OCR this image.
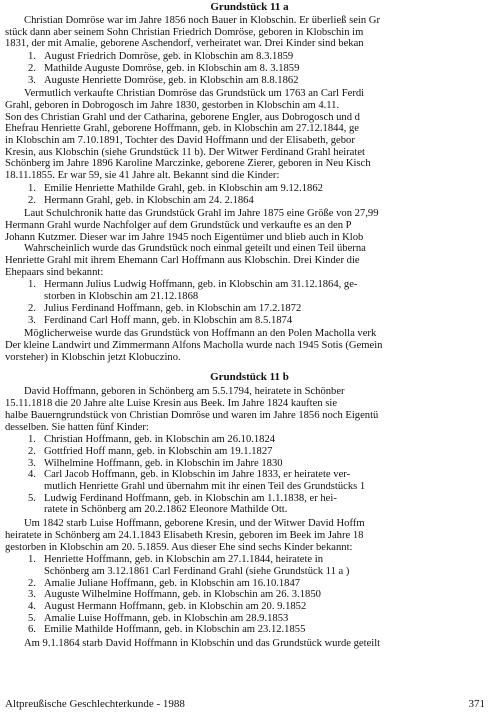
Grundstück 11 a
Christian Domröse war im Jahre 1856 noch Bauer in Klobschin. Er überließ sein Gr
stück dann aber seinem Sohn Christian Friedrich Domröse, geboren in Klobschin im
1831, der mit Amalie, geborene Aschendorf, verheiratet war. Drei Kinder sind bekan
1. August Friedrich Domröse, geb. in Klobschin am 8.3.1859
2. Mathilde Auguste Domröse, geb. in Klobschin am 8. 3.1859
3. Auguste Henriette Domröse, geb. in Klobschin am 8.8.1862
Vermutlich verkaufte Christian Domröse das Grundstück um 1763 an Carl Ferdi
Grahl, geboren in Dobrogosch im Jahre 1830, gestorben in Klobschin am 4.11.
Son des Christian Grahl und der Catharina, geborene Engler, aus Dobrogosch und d
Ehefrau Henriette Grahl, geborene Hoffmann, geb. in Klobschin am 27.12.1844, ge
in Klobschin am 7.10.1891, Tochter des David Hoffmann und der Elisabeth, gebor
Kresin, aus Klobschin (siehe Grundstück 11 b). Der Witwer Ferdinand Grahl heiratet
Schönberg im Jahre 1896 Karoline Marczinke, geborene Zierer, geboren in Neu Kisch
18.11.1855. Er war 59, sie 41 Jahre alt. Bekannt sind die Kinder:
1. Emilie Henriette Mathilde Grahl, geb. in Klobschin am 9.12.1862
2. Hermann Grahl, geb. in Klobschin am 24. 2.1864
Laut Schulchronik hatte das Grundstück Grahl im Jahre 1875 eine Größe von 27,99
Hermann Grahl wurde Nachfolger auf dem Grundstück und verkaufte es an den P
Johann Kutzmer. Dieser war im Jahre 1945 noch Eigentümer und blieb auch in Klob
Wahrscheinlich wurde das Grundstück noch einmal geteilt und einen Teil überna
Henriette Grahl mit ihrem Ehemann Carl Hoffmann aus Klobschin. Drei Kinder die
Ehepaars sind bekannt:
1. Hermann Julius Ludwig Hoffmann, geb. in Klobschin am 31.12.1864, ge-
storben in Klobschin am 21.12.1868
2. Julius Ferdinand Hoffmann, geb. in Klobschin am 17.2.1872
3. Ferdinand Carl Hoff mann, geb. in Klobschin am 8.5.1874
Möglicherweise wurde das Grundstück von Hoffmann an den Polen Macholla verk
Der kleine Landwirt und Zimmermann Alfons Macholla wurde nach 1945 Sotis (Gemein
vorsteher) in Klobschin jetzt Klobuczino.
Grundstück 11 b
David Hoffmann, geboren in Schönberg am 5.5.1794, heiratete in Schönber
15.11.1818 die 20 Jahre alte Luise Kresin aus Beek. Im Jahre 1824 kauften sie
halbe Bauerngrundstück von Christian Domröse und waren im Jahre 1856 noch Eigentü
desselben. Sie hatten fünf Kinder:
1. Christian Hoffmann, geb. in Klobschin am 26.10.1824
2. Gottfried Hoff mann, geb. in Klobschin am 19.1.1827
3. Wilhelmine Hoffmann, geb. in Klobschin im Jahre 1830
4. Carl Jacob Hoffmann, geb. in Klobschin im Jahre 1833, er heiratete ver-
mutlich Henriette Grahl und übernahm mit ihr einen Teil des Grundstücks 1
5. Ludwig Ferdinand Hoffmann, geb. in Klobschin am 1.1.1838, er hei-
ratete in Schönberg am 20.2.1862 Eleonore Mathilde Ott.
Um 1842 starb Luise Hoffmann, geborene Kresin, und der Witwer David Hoffm
heiratete in Schönberg am 24.1.1843 Elisabeth Kresin, geboren im Beek im Jahre 18
gestorben in Klobschin am 20. 5.1859. Aus dieser Ehe sind sechs Kinder bekannt:
1. Henriette Hoffmann, geb. in Klobschin am 27.1.1844, heiratete in
Schönberg am 3.12.1861 Carl Ferdinand Grahl (siehe Grundstück 11 a )
2. Amalie Juliane Hoffmann, geb. in Klobschin am 16.10.1847
3. Auguste Wilhelmine Hoffmann, geb. in Klobschin am 26. 3.1850
4. August Hermann Hoffmann, geb. in Klobschin am 20. 9.1852
5. Amalie Luise Hoffmann, geb. in Klobschin am 28.9.1853
6. Emilie Mathilde Hoffmann, geb. in Klobschin am 23.12.1855
Am 9.1.1864 starb David Hoffmann in Klobschin und das Grundstück wurde geteilt
Altpreußische Geschlechterkunde - 1988	371
